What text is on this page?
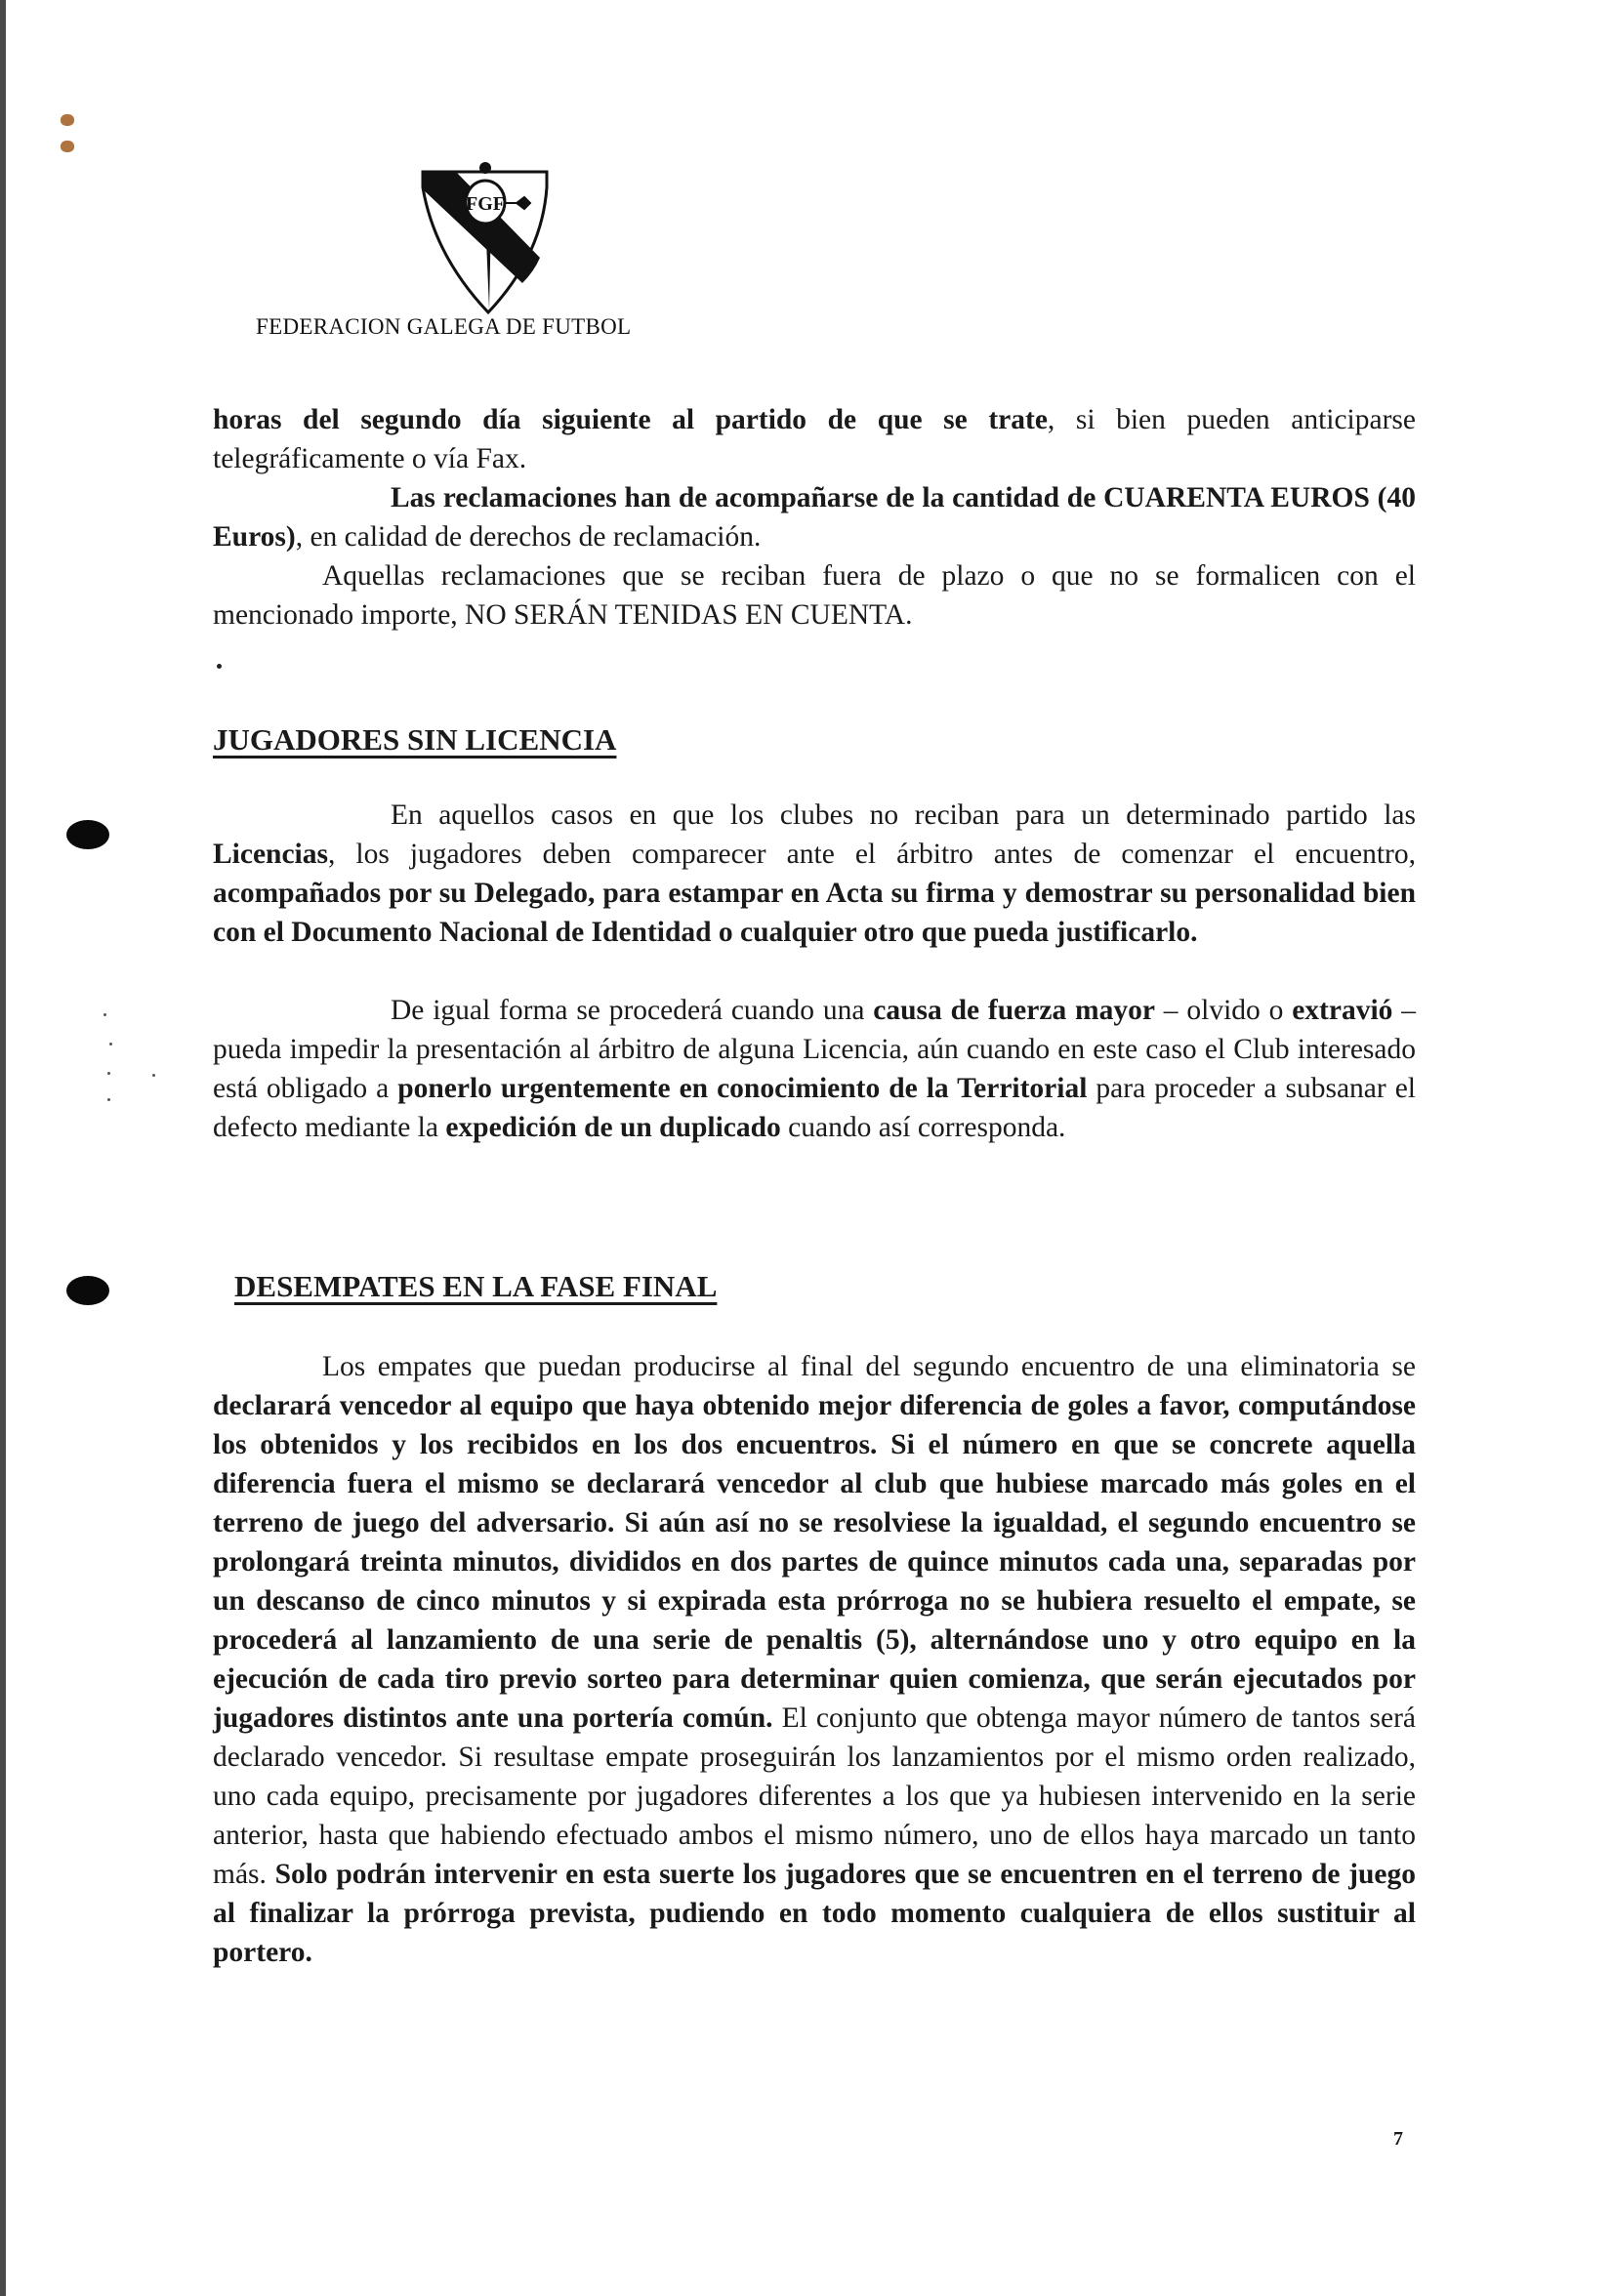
FGF
FEDERACION GALEGA DE FUTBOL

horas del segundo día siguiente al partido de que se trate, si bien pueden anticiparse telegráficamente o vía Fax.

Las reclamaciones han de acompañarse de la cantidad de CUARENTA EUROS (40 Euros), en calidad de derechos de reclamación.

Aquellas reclamaciones que se reciban fuera de plazo o que no se formalicen con el mencionado importe, NO SERÁN TENIDAS EN CUENTA.

JUGADORES SIN LICENCIA

En aquellos casos en que los clubes no reciban para un determinado partido las Licencias, los jugadores deben comparecer ante el árbitro antes de comenzar el encuentro, acompañados por su Delegado, para estampar en Acta su firma y demostrar su personalidad bien con el Documento Nacional de Identidad o cualquier otro que pueda justificarlo.

De igual forma se procederá cuando una causa de fuerza mayor – olvido o extravió – pueda impedir la presentación al árbitro de alguna Licencia, aún cuando en este caso el Club interesado está obligado a ponerlo urgentemente en conocimiento de la Territorial para proceder a subsanar el defecto mediante la expedición de un duplicado cuando así corresponda.

DESEMPATES EN LA FASE FINAL

Los empates que puedan producirse al final del segundo encuentro de una eliminatoria se declarará vencedor al equipo que haya obtenido mejor diferencia de goles a favor, computándose los obtenidos y los recibidos en los dos encuentros. Si el número en que se concrete aquella diferencia fuera el mismo se declarará vencedor al club que hubiese marcado más goles en el terreno de juego del adversario. Si aún así no se resolviese la igualdad, el segundo encuentro se prolongará treinta minutos, divididos en dos partes de quince minutos cada una, separadas por un descanso de cinco minutos y si expirada esta prórroga no se hubiera resuelto el empate, se procederá al lanzamiento de una serie de penaltis (5), alternándose uno y otro equipo en la ejecución de cada tiro previo sorteo para determinar quien comienza, que serán ejecutados por jugadores distintos ante una portería común. El conjunto que obtenga mayor número de tantos será declarado vencedor. Si resultase empate proseguirán los lanzamientos por el mismo orden realizado, uno cada equipo, precisamente por jugadores diferentes a los que ya hubiesen intervenido en la serie anterior, hasta que habiendo efectuado ambos el mismo número, uno de ellos haya marcado un tanto más. Solo podrán intervenir en esta suerte los jugadores que se encuentren en el terreno de juego al finalizar la prórroga prevista, pudiendo en todo momento cualquiera de ellos sustituir al portero.

7
